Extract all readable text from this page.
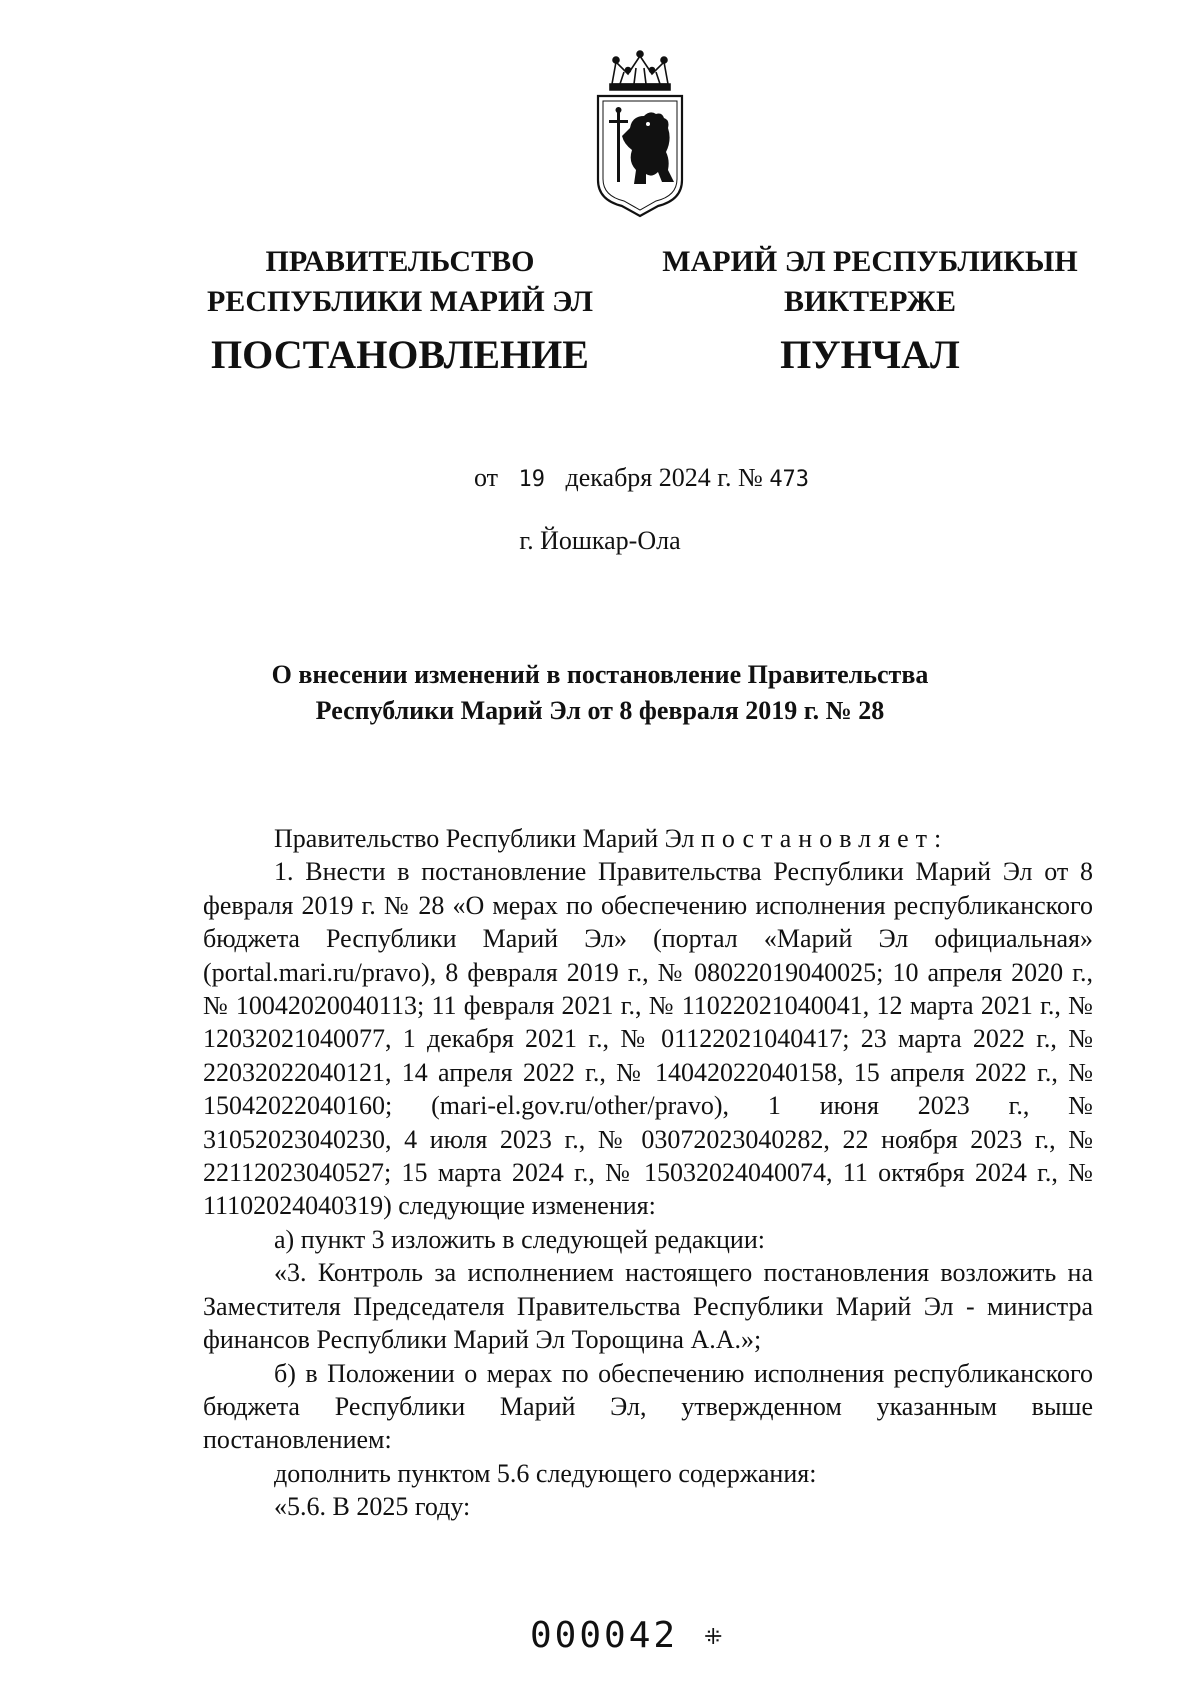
ПРАВИТЕЛЬСТВО
РЕСПУБЛИКИ МАРИЙ ЭЛ
ПОСТАНОВЛЕНИЕ
МАРИЙ ЭЛ РЕСПУБЛИКЫН
ВИКТЕРЖЕ
ПУНЧАЛ
от 19 декабря 2024 г. № 473
г. Йошкар-Ола
О внесении изменений в постановление Правительства
Республики Марий Эл от 8 февраля 2019 г. № 28

Правительство Республики Марий Эл постановляет:

1. Внести в постановление Правительства Республики Марий Эл от 8 февраля 2019 г. № 28 «О мерах по обеспечению исполнения республиканского бюджета Республики Марий Эл» (портал «Марий Эл официальная» (portal.mari.ru/pravo), 8 февраля 2019 г., № 08022019040025; 10 апреля 2020 г., № 10042020040113; 11 февраля 2021 г., № 11022021040041, 12 марта 2021 г., № 12032021040077, 1 декабря 2021 г., № 01122021040417; 23 марта 2022 г., № 22032022040121, 14 апреля 2022 г., № 14042022040158, 15 апреля 2022 г., № 15042022040160; (mari-el.gov.ru/other/pravo), 1 июня 2023 г., № 31052023040230, 4 июля 2023 г., № 03072023040282, 22 ноября 2023 г., № 22112023040527; 15 марта 2024 г., № 15032024040074, 11 октября 2024 г., № 11102024040319) следующие изменения:

а) пункт 3 изложить в следующей редакции:

«3. Контроль за исполнением настоящего постановления возложить на Заместителя Председателя Правительства Республики Марий Эл - министра финансов Республики Марий Эл Торощина А.А.»;

б) в Положении о мерах по обеспечению исполнения республиканского бюджета Республики Марий Эл, утвержденном указанным выше постановлением:

дополнить пунктом 5.6 следующего содержания:

«5.6. В 2025 году:

000042 ⁜
